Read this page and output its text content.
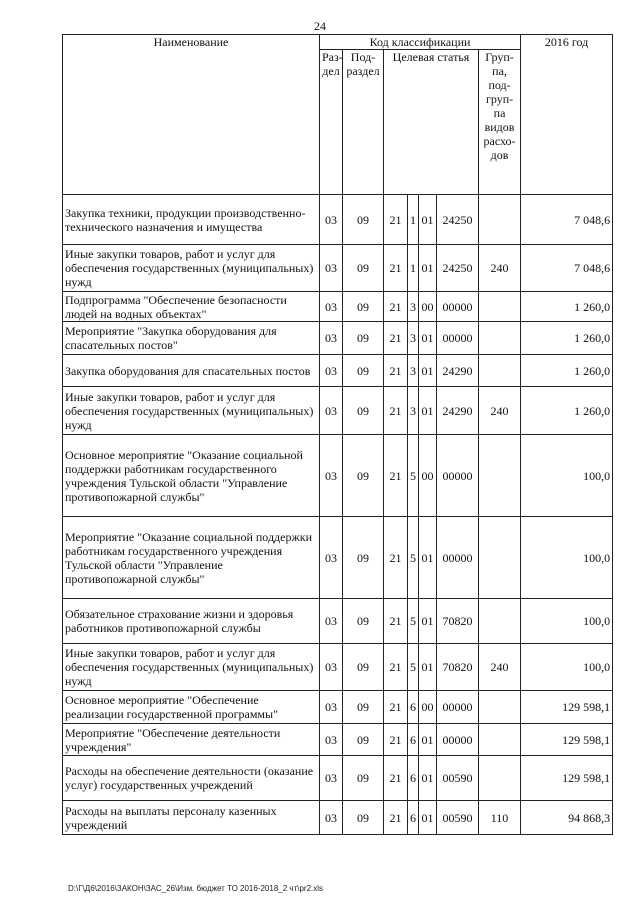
24
Наименование	Код классификации							2016 год
	Раз-дел	Под-раздел	Целевая статья				Груп-па, под-груп-па видов расхо-дов	
Закупка техники, продукции производственно-технического назначения и имущества	03	09	21	1	01	24250		7 048,6
Иные закупки товаров, работ и услуг для обеспечения государственных (муниципальных) нужд	03	09	21	1	01	24250	240	7 048,6
Подпрограмма "Обеспечение безопасности людей на водных объектах"	03	09	21	3	00	00000		1 260,0
Мероприятие "Закупка оборудования для спасательных постов"	03	09	21	3	01	00000		1 260,0
Закупка оборудования для спасательных постов	03	09	21	3	01	24290		1 260,0
Иные закупки товаров, работ и услуг для обеспечения государственных (муниципальных) нужд	03	09	21	3	01	24290	240	1 260,0
Основное мероприятие "Оказание социальной поддержки работникам государственного учреждения Тульской области "Управление противопожарной службы"	03	09	21	5	00	00000		100,0
Мероприятие "Оказание социальной поддержки работникам государственного учреждения Тульской области "Управление противопожарной службы"	03	09	21	5	01	00000		100,0
Обязательное страхование жизни и здоровья работников противопожарной службы	03	09	21	5	01	70820		100,0
Иные закупки товаров, работ и услуг для обеспечения государственных (муниципальных) нужд	03	09	21	5	01	70820	240	100,0
Основное мероприятие "Обеспечение реализации государственной программы"	03	09	21	6	00	00000		129 598,1
Мероприятие "Обеспечение деятельности учреждения"	03	09	21	6	01	00000		129 598,1
Расходы на обеспечение деятельности (оказание услуг) государственных учреждений	03	09	21	6	01	00590		129 598,1
Расходы на выплаты персоналу казенных учреждений	03	09	21	6	01	00590	110	94 868,3
D:\Г\Д6\2016\ЗАКОН\ЗАС_26\Изм. бюджет ТО 2016-2018_2 чт\pr2.xls
